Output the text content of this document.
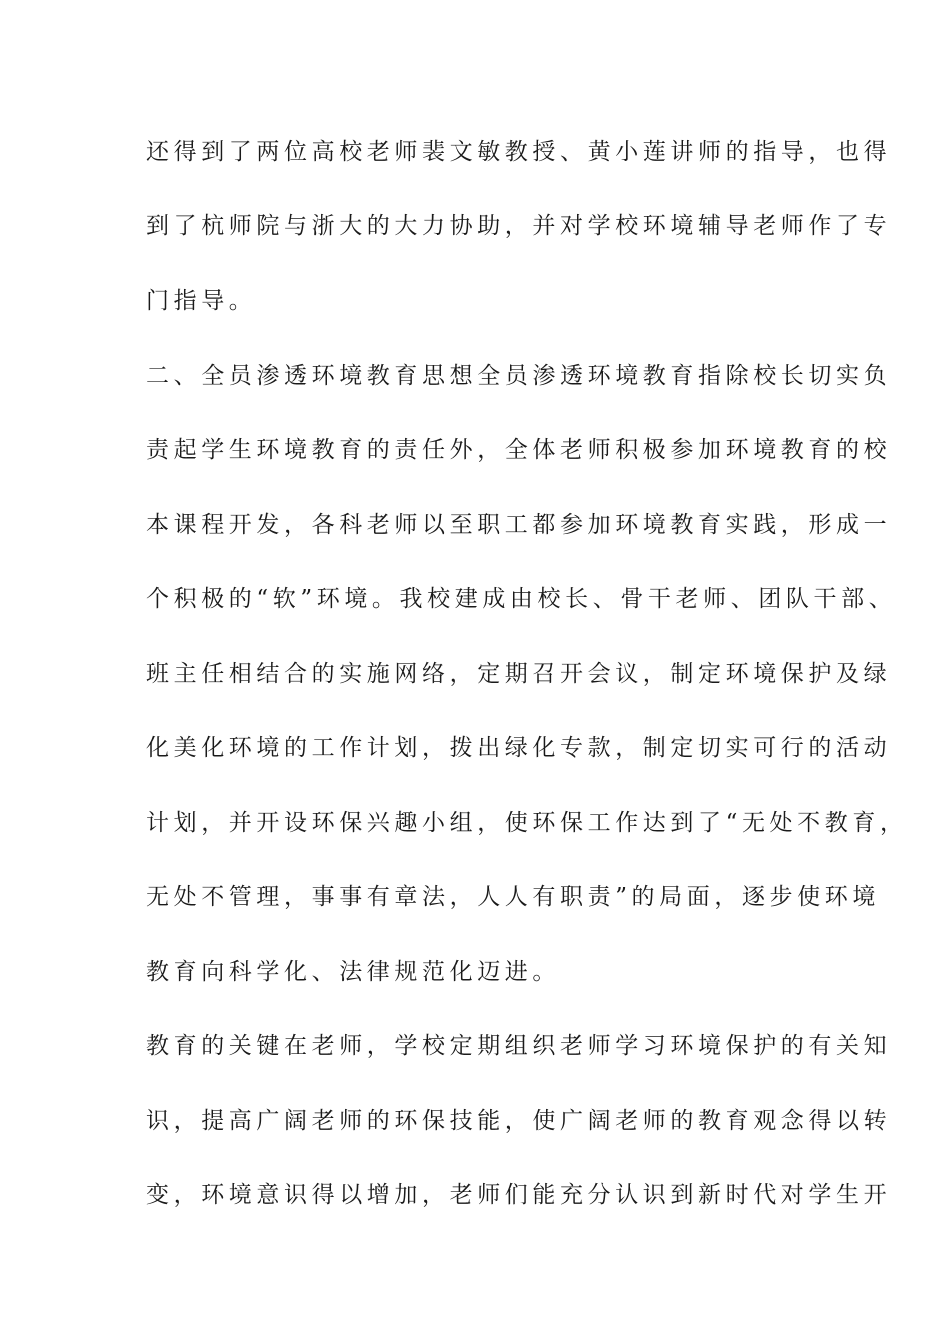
还得到了两位高校老师裴文敏教授、黄小莲讲师的指导，也得
到了杭师院与浙大的大力协助，并对学校环境辅导老师作了专
门指导。
二、全员渗透环境教育思想全员渗透环境教育指除校长切实负
责起学生环境教育的责任外，全体老师积极参加环境教育的校
本课程开发，各科老师以至职工都参加环境教育实践，形成一
个积极的“软”环境。我校建成由校长、骨干老师、团队干部、
班主任相结合的实施网络，定期召开会议，制定环境保护及绿
化美化环境的工作计划，拨出绿化专款，制定切实可行的活动
计划，并开设环保兴趣小组，使环保工作达到了“无处不教育，
无处不管理，事事有章法，人人有职责”的局面，逐步使环境
教育向科学化、法律规范化迈进。
教育的关键在老师，学校定期组织老师学习环境保护的有关知
识，提高广阔老师的环保技能，使广阔老师的教育观念得以转
变，环境意识得以增加，老师们能充分认识到新时代对学生开
